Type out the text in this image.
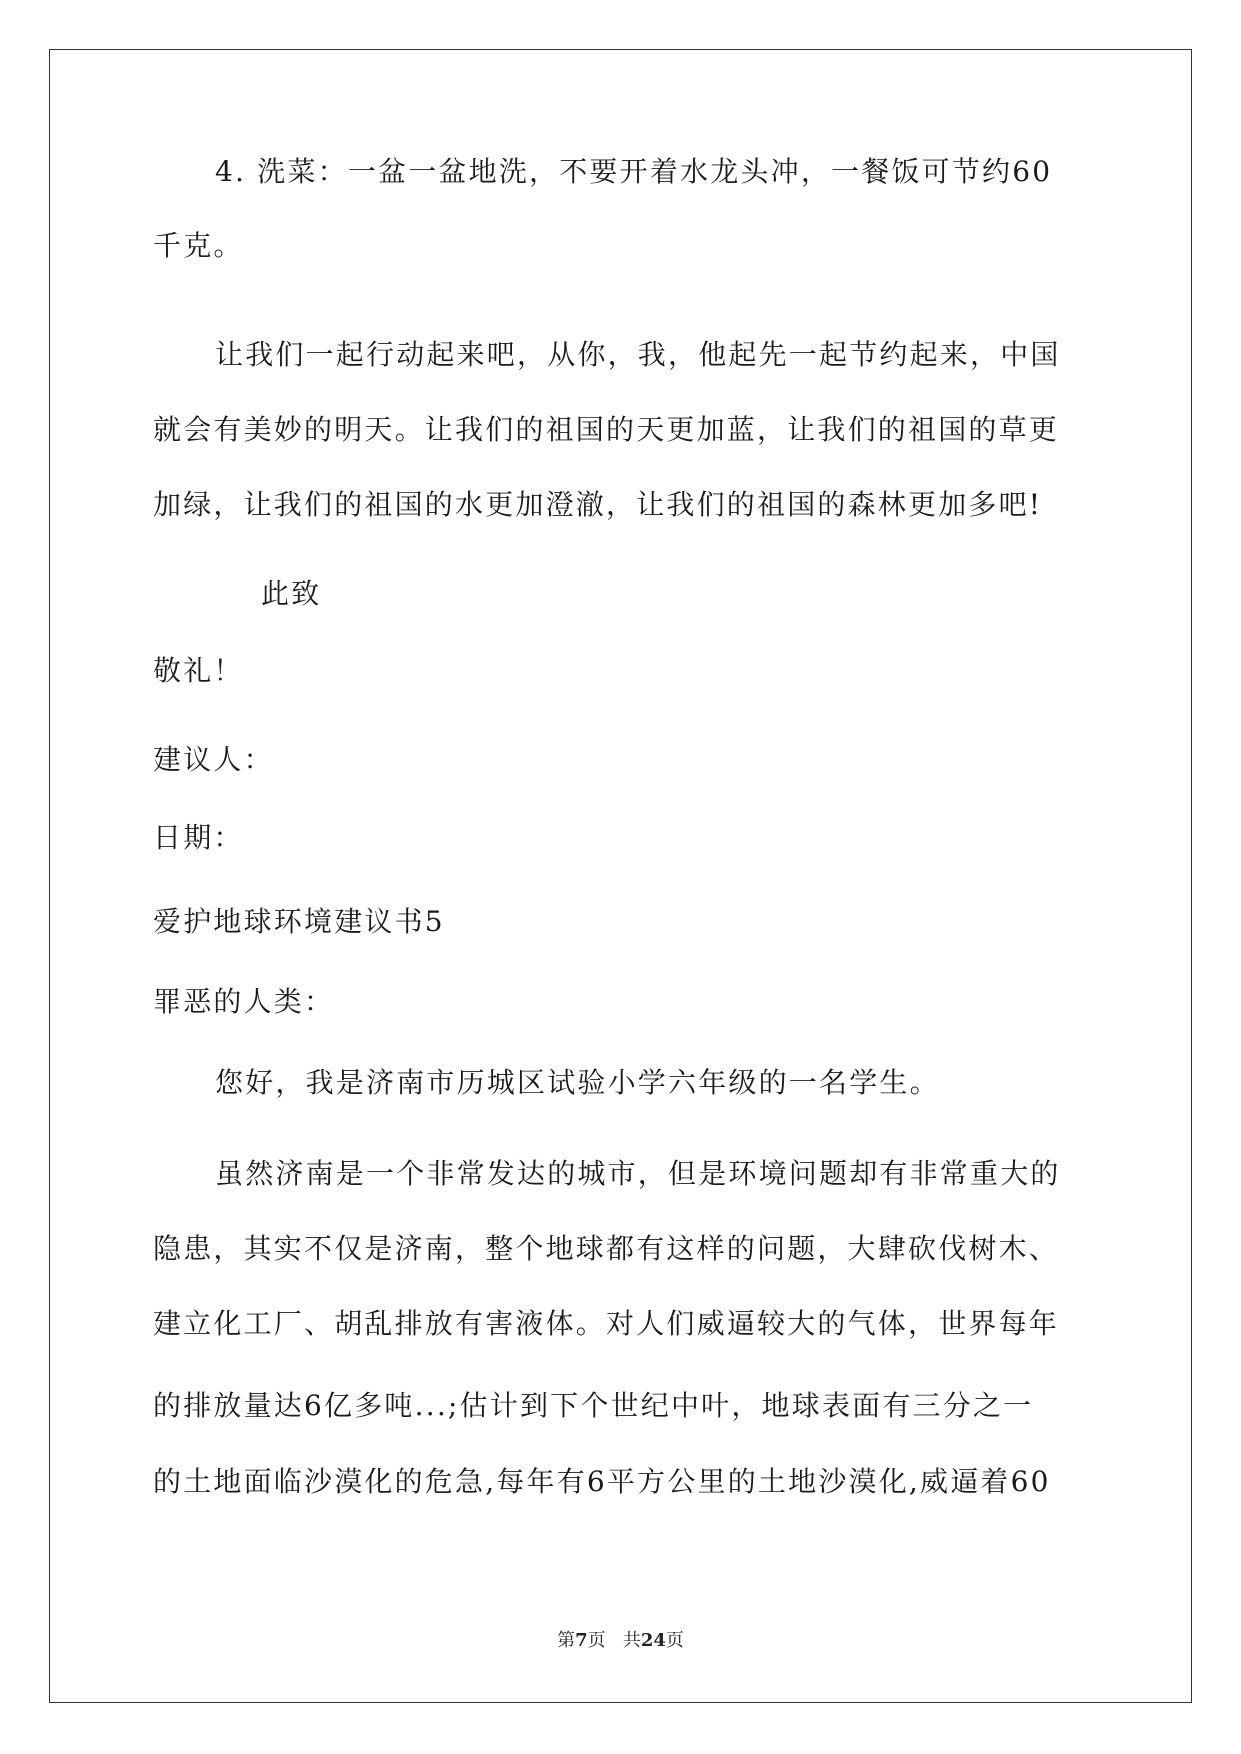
4. 洗菜：一盆一盆地洗，不要开着水龙头冲，一餐饭可节约60
千克。
让我们一起行动起来吧，从你，我，他起先一起节约起来，中国
就会有美妙的明天。让我们的祖国的天更加蓝，让我们的祖国的草更
加绿，让我们的祖国的水更加澄澈，让我们的祖国的森林更加多吧!
此致
敬礼！
建议人：
日期：
爱护地球环境建议书5
罪恶的人类：
您好，我是济南市历城区试验小学六年级的一名学生。
虽然济南是一个非常发达的城市，但是环境问题却有非常重大的
隐患，其实不仅是济南，整个地球都有这样的问题，大肆砍伐树木、
建立化工厂、胡乱排放有害液体。对人们威逼较大的气体，世界每年
的排放量达6亿多吨...;估计到下个世纪中叶，地球表面有三分之一
的土地面临沙漠化的危急,每年有6平方公里的土地沙漠化,威逼着60
第7页 共24页
